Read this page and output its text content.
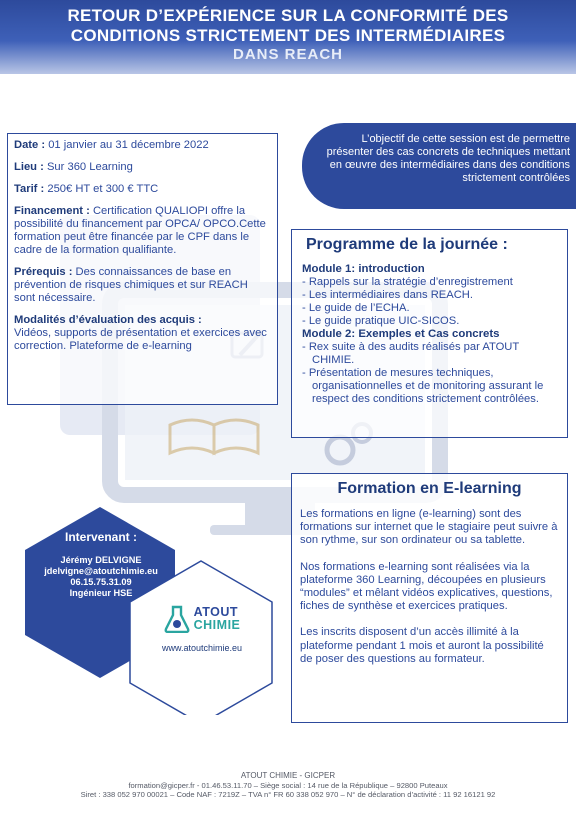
RETOUR D’EXPÉRIENCE SUR LA CONFORMITÉ DES
CONDITIONS STRICTEMENT DES INTERMÉDIAIRES
DANS REACH

Date : 01 janvier au 31 décembre 2022

Lieu : Sur 360 Learning

Tarif : 250€ HT et 300 € TTC

Financement : Certification QUALIOPI offre la possibilité du financement par OPCA/ OPCO.Cette formation peut être financée par le CPF dans le cadre de la formation qualifiante.

Prérequis : Des connaissances de base en prévention de risques chimiques et sur REACH sont nécessaire.

Modalités d’évaluation des acquis :
Vidéos, supports de présentation et exercices avec correction. Plateforme de e-learning

L’objectif de cette session est de permettre présenter des cas concrets de techniques mettant en œuvre des intermédiaires dans des conditions strictement contrôlées
Programme de la journée :
Module 1: introduction
- Rappels sur la stratégie d’enregistrement
- Les intermédiaires dans REACH.
- Le guide de l’ECHA.
- Le guide pratique UIC-SICOS.
Module 2: Exemples et Cas concrets
- Rex suite à des audits réalisés par ATOUT CHIMIE.
- Présentation de mesures techniques, organisationnelles et de monitoring assurant le respect des conditions strictement contrôlées.
Intervenant :
Jérémy DELVIGNE
jdelvigne@atoutchimie.eu
06.15.75.31.09
Ingénieur HSE
ATOUT
CHIMIE
www.atoutchimie.eu
Formation en E-learning

Les formations en ligne (e-learning) sont des formations sur internet que le stagiaire peut suivre à son rythme, sur son ordinateur ou sa tablette.

Nos formations e-learning sont réalisées via la plateforme 360 Learning, découpées en plusieurs “modules” et mêlant vidéos explicatives, questions, fiches de synthèse et exercices pratiques.

Les inscrits disposent d’un accès illimité à la plateforme pendant 1 mois et auront la possibilité de poser des questions au formateur.

ATOUT CHIMIE - GICPER
formation@gicper.fr - 01.46.53.11.70 – Siège social : 14 rue de la République – 92800 Puteaux
Siret : 338 052 970 00021 – Code NAF : 7219Z – TVA n° FR 60 338 052 970 – N° de déclaration d’activité : 11 92 16121 92
